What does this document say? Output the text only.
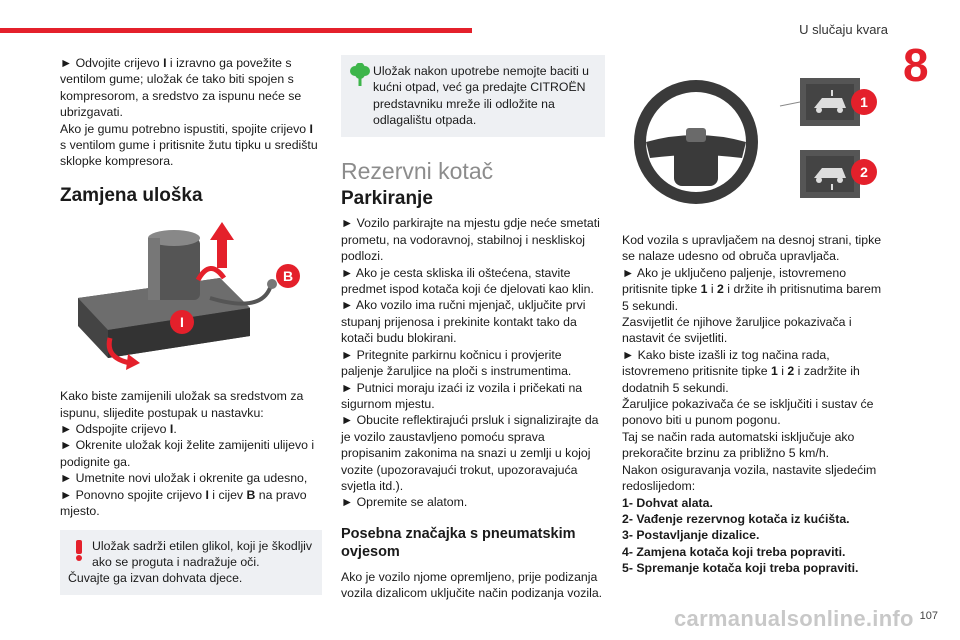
U slučaju kvara
8

► Odvojite crijevo I i izravno ga povežite s ventilom gume; uložak će tako biti spojen s kompresorom, a sredstvo za ispunu neće se ubrizgavati.

Ako je gumu potrebno ispustiti, spojite crijevo I s ventilom gume i pritisnite žutu tipku u središtu sklopke kompresora.

Zamjena uloška
B
I

Kako biste zamijenili uložak sa sredstvom za ispunu, slijedite postupak u nastavku:

► Odspojite crijevo I.

► Okrenite uložak koji želite zamijeniti ulijevo i podignite ga.

► Umetnite novi uložak i okrenite ga udesno,

► Ponovno spojite crijevo I i cijev B na pravo mjesto.

Uložak sadrži etilen glikol, koji je škodljiv ako se proguta i nadražuje oči.

Čuvajte ga izvan dohvata djece.

Uložak nakon upotrebe nemojte baciti u kućni otpad, već ga predajte CITROËN predstavniku mreže ili odložite na odlagalištu otpada.

Rezervni kotač
Parkiranje

► Vozilo parkirajte na mjestu gdje neće smetati prometu, na vodoravnoj, stabilnoj i neskliskoj podlozi.

► Ako je cesta skliska ili oštećena, stavite predmet ispod kotača koji će djelovati kao klin.

► Ako vozilo ima ručni mjenjač, uključite prvi stupanj prijenosa i prekinite kontakt tako da kotači budu blokirani.

► Pritegnite parkirnu kočnicu i provjerite paljenje žaruljice na ploči s instrumentima.

► Putnici moraju izaći iz vozila i pričekati na sigurnom mjestu.

► Obucite reflektirajući prsluk i signalizirajte da je vozilo zaustavljeno pomoću sprava propisanim zakonima na snazi u zemlji u kojoj vozite (upozoravajući trokut, upozoravajuća svjetla itd.).

► Opremite se alatom.

Posebna značajka s pneumatskim ovjesom

Ako je vozilo njome opremljeno, prije podizanja vozila dizalicom uključite način podizanja vozila.

1
2

Kod vozila s upravljačem na desnoj strani, tipke se nalaze udesno od obruča upravljača.

► Ako je uključeno paljenje, istovremeno pritisnite tipke 1 i 2 i držite ih pritisnutima barem 5 sekundi.

Zasvijetlit će njihove žaruljice pokazivača i nastavit će svijetliti.

► Kako biste izašli iz tog načina rada, istovremeno pritisnite tipke 1 i 2 i zadržite ih dodatnih 5 sekundi.

Žaruljice pokazivača će se isključiti i sustav će ponovo biti u punom pogonu.

Taj se način rada automatski isključuje ako prekoračite brzinu za približno 5 km/h.

Nakon osiguravanja vozila, nastavite sljedećim redoslijedom:

1- Dohvat alata.

2- Vađenje rezervnog kotača iz kućišta.

3- Postavljanje dizalice.

4- Zamjena kotača koji treba popraviti.

5- Spremanje kotača koji treba popraviti.

carmanualsonline.info 107
